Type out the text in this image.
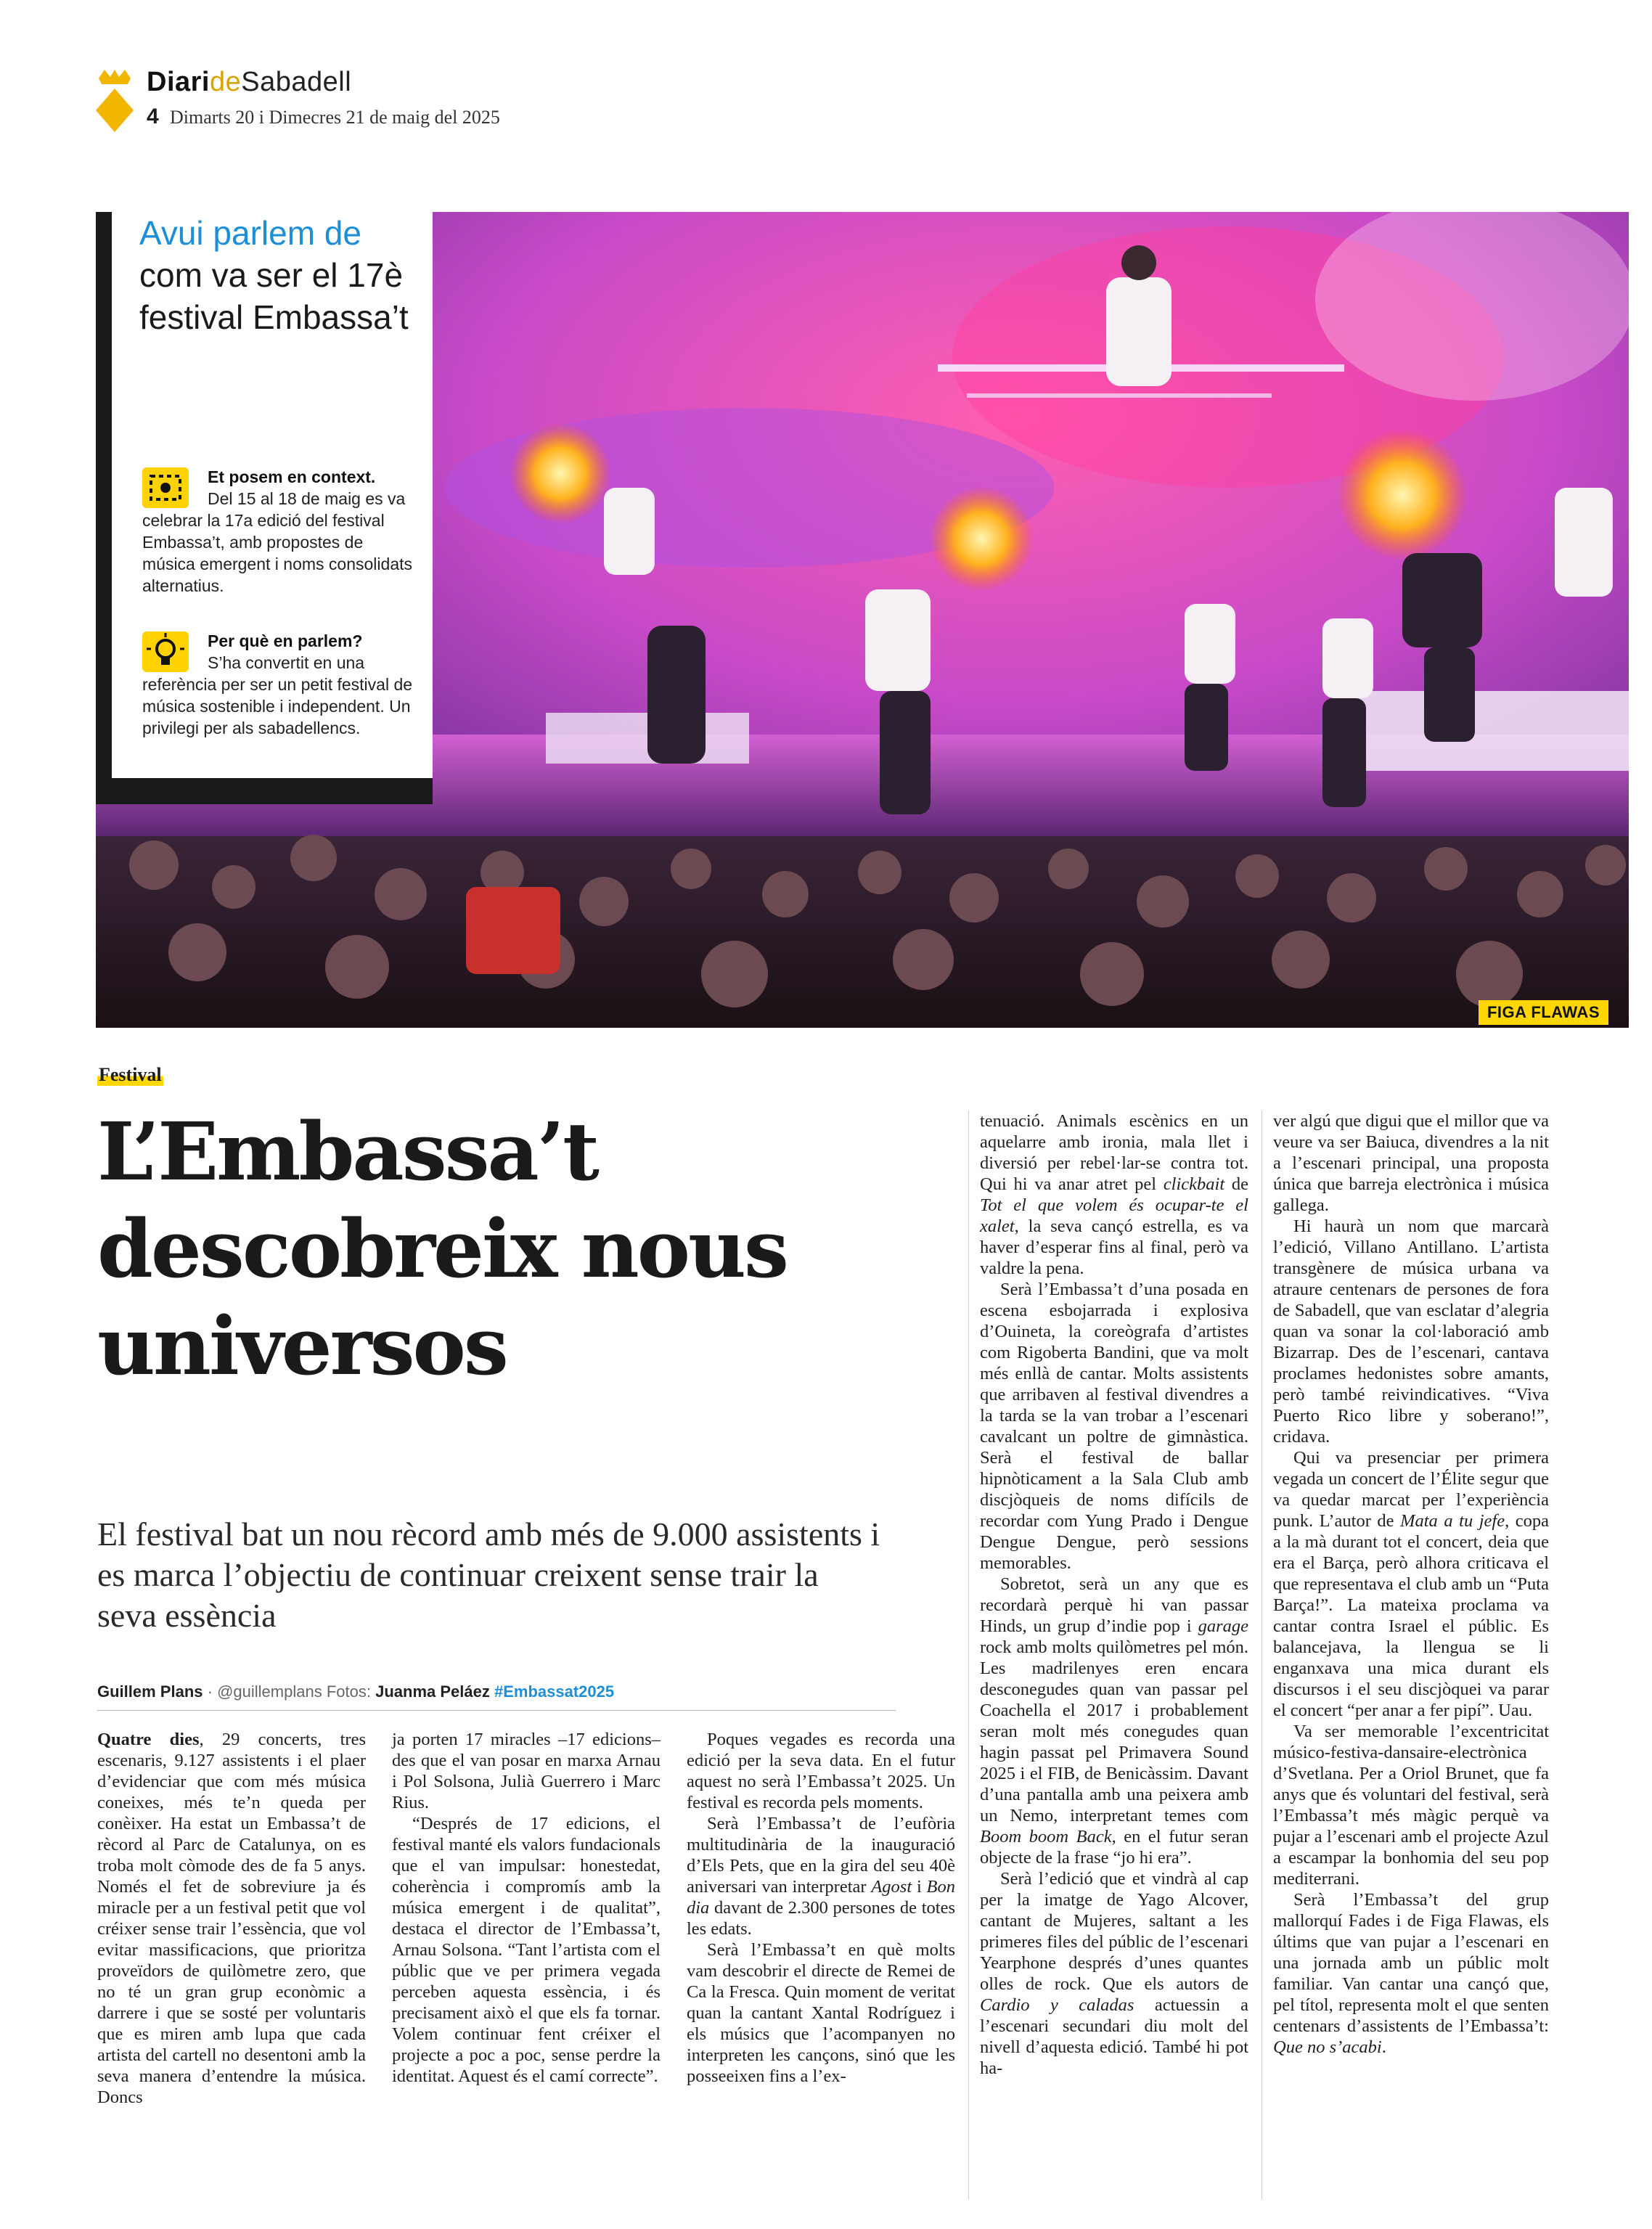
DiarideSabadell
4 Dimarts 20 i Dimecres 21 de maig del 2025
FIGA FLAWAS
Avui parlem de com va ser el 17è festival Embassa’t
Et posem en context.
Del 15 al 18 de maig es va celebrar la 17a edició del festival Embassa’t, amb propostes de música emergent i noms consolidats alternatius.
Per què en parlem?
S’ha convertit en una referència per ser un petit festival de música sostenible i independent. Un privilegi per als sabadellencs.
Festival
L’Embassa’t descobreix nous universos
El festival bat un nou rècord amb més de 9.000 assistents i es marca l’objectiu de continuar creixent sense trair la seva essència
Guillem Plans · @guillemplans Fotos: Juanma Peláez #Embassat2025

Quatre dies, 29 concerts, tres escenaris, 9.127 assistents i el plaer d’evidenciar que com més música coneixes, més te’n queda per conèixer. Ha estat un Embassa’t de rècord al Parc de Catalunya, on es troba molt còmode des de fa 5 anys. Només el fet de sobreviure ja és miracle per a un festival petit que vol créixer sense trair l’essència, que vol evitar massificacions, que prioritza proveïdors de quilòmetre zero, que no té un gran grup econòmic a darrere i que se sosté per voluntaris que es miren amb lupa que cada artista del cartell no desentoni amb la seva manera d’entendre la música. Doncs

ja porten 17 miracles –17 edicions– des que el van posar en marxa Arnau i Pol Solsona, Julià Guerrero i Marc Rius.

“Després de 17 edicions, el festival manté els valors fundacionals que el van impulsar: honestedat, coherència i compromís amb la música emergent i de qualitat”, destaca el director de l’Embassa’t, Arnau Solsona. “Tant l’artista com el públic que ve per primera vegada perceben aquesta essència, i és precisament això el que els fa tornar. Volem continuar fent créixer el projecte a poc a poc, sense perdre la identitat. Aquest és el camí correcte”.

Poques vegades es recorda una edició per la seva data. En el futur aquest no serà l’Embassa’t 2025. Un festival es recorda pels moments.

Serà l’Embassa’t de l’eufòria multitudinària de la inauguració d’Els Pets, que en la gira del seu 40è aniversari van interpretar Agost i Bon dia davant de 2.300 persones de totes les edats.

Serà l’Embassa’t en què molts vam descobrir el directe de Remei de Ca la Fresca. Quin moment de veritat quan la cantant Xantal Rodríguez i els músics que l’acompanyen no interpreten les cançons, sinó que les posseeixen fins a l’ex-

tenuació. Animals escènics en un aquelarre amb ironia, mala llet i diversió per rebel·lar-se contra tot. Qui hi va anar atret pel clickbait de Tot el que volem és ocupar-te el xalet, la seva cançó estrella, es va haver d’esperar fins al final, però va valdre la pena.

Serà l’Embassa’t d’una posada en escena esbojarrada i explosiva d’Ouineta, la coreògrafa d’artistes com Rigoberta Bandini, que va molt més enllà de cantar. Molts assistents que arribaven al festival divendres a la tarda se la van trobar a l’escenari cavalcant un poltre de gimnàstica. Serà el festival de ballar hipnòticament a la Sala Club amb discjòqueis de noms difícils de recordar com Yung Prado i Dengue Dengue Dengue, però sessions memorables.

Sobretot, serà un any que es recordarà perquè hi van passar Hinds, un grup d’indie pop i garage rock amb molts quilòmetres pel món. Les madrilenyes eren encara desconegudes quan van passar pel Coachella el 2017 i probablement seran molt més conegudes quan hagin passat pel Primavera Sound 2025 i el FIB, de Benicàssim. Davant d’una pantalla amb una peixera amb un Nemo, interpretant temes com Boom boom Back, en el futur seran objecte de la frase “jo hi era”.

Serà l’edició que et vindrà al cap per la imatge de Yago Alcover, cantant de Mujeres, saltant a les primeres files del públic de l’escenari Yearphone després d’unes quantes olles de rock. Que els autors de Cardio y caladas actuessin a l’escenari secundari diu molt del nivell d’aquesta edició. També hi pot ha-

ver algú que digui que el millor que va veure va ser Baiuca, divendres a la nit a l’escenari principal, una proposta única que barreja electrònica i música gallega.

Hi haurà un nom que marcarà l’edició, Villano Antillano. L’artista transgènere de música urbana va atraure centenars de persones de fora de Sabadell, que van esclatar d’alegria quan va sonar la col·laboració amb Bizarrap. Des de l’escenari, cantava proclames hedonistes sobre amants, però també reivindicatives. “Viva Puerto Rico libre y soberano!”, cridava.

Qui va presenciar per primera vegada un concert de l’Élite segur que va quedar marcat per l’experiència punk. L’autor de Mata a tu jefe, copa a la mà durant tot el concert, deia que era el Barça, però alhora criticava el que representava el club amb un “Puta Barça!”. La mateixa proclama va cantar contra Israel el públic. Es balancejava, la llengua se li enganxava una mica durant els discursos i el seu discjòquei va parar el concert “per anar a fer pipí”. Uau.

Va ser memorable l’excentricitat músico-festiva-dansaire-electrònica d’Svetlana. Per a Oriol Brunet, que fa anys que és voluntari del festival, serà l’Embassa’t més màgic perquè va pujar a l’escenari amb el projecte Azul a escampar la bonhomia del seu pop mediterrani.

Serà l’Embassa’t del grup mallorquí Fades i de Figa Flawas, els últims que van pujar a l’escenari en una jornada amb un públic molt familiar. Van cantar una cançó que, pel títol, representa molt el que senten centenars d’assistents de l’Embassa’t: Que no s’acabi.
